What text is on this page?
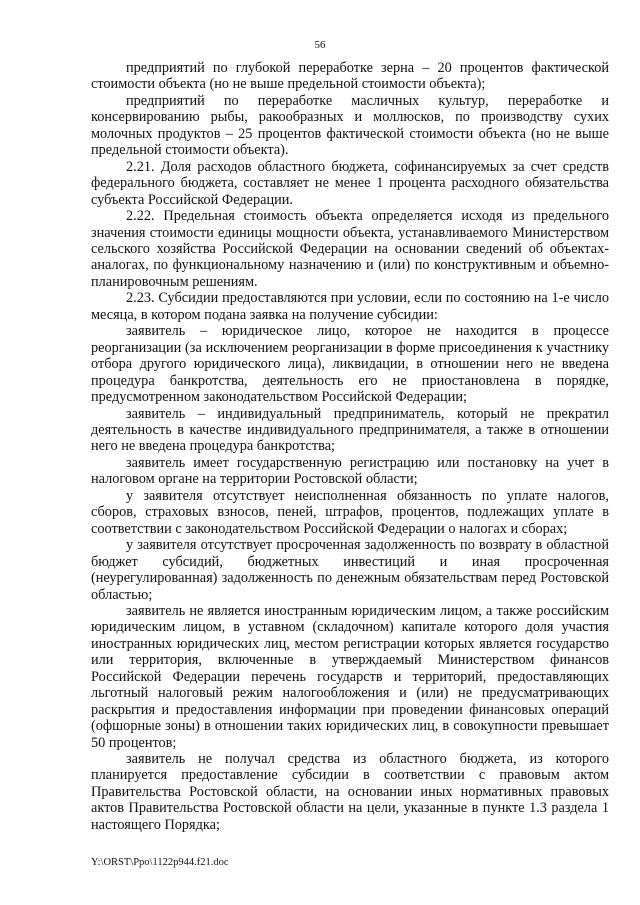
56

предприятий по глубокой переработке зерна – 20 процентов фактической стоимости объекта (но не выше предельной стоимости объекта);

предприятий по переработке масличных культур, переработке и консервированию рыбы, ракообразных и моллюсков, по производству сухих молочных продуктов – 25 процентов фактической стоимости объекта (но не выше предельной стоимости объекта).

2.21. Доля расходов областного бюджета, софинансируемых за счет средств федерального бюджета, составляет не менее 1 процента расходного обязательства субъекта Российской Федерации.

2.22. Предельная стоимость объекта определяется исходя из предельного значения стоимости единицы мощности объекта, устанавливаемого Министерством сельского хозяйства Российской Федерации на основании сведений об объектах-аналогах, по функциональному назначению и (или) по конструктивным и объемно-планировочным решениям.

2.23. Субсидии предоставляются при условии, если по состоянию на 1-е число месяца, в котором подана заявка на получение субсидии:

заявитель – юридическое лицо, которое не находится в процессе реорганизации (за исключением реорганизации в форме присоединения к участнику отбора другого юридического лица), ликвидации, в отношении него не введена процедура банкротства, деятельность его не приостановлена в порядке, предусмотренном законодательством Российской Федерации;

заявитель – индивидуальный предприниматель, который не прекратил деятельность в качестве индивидуального предпринимателя, а также в отношении него не введена процедура банкротства;

заявитель имеет государственную регистрацию или постановку на учет в налоговом органе на территории Ростовской области;

у заявителя отсутствует неисполненная обязанность по уплате налогов, сборов, страховых взносов, пеней, штрафов, процентов, подлежащих уплате в соответствии с законодательством Российской Федерации о налогах и сборах;

у заявителя отсутствует просроченная задолженность по возврату в областной бюджет субсидий, бюджетных инвестиций и иная просроченная (неурегулированная) задолженность по денежным обязательствам перед Ростовской областью;

заявитель не является иностранным юридическим лицом, а также российским юридическим лицом, в уставном (складочном) капитале которого доля участия иностранных юридических лиц, местом регистрации которых является государство или территория, включенные в утверждаемый Министерством финансов Российской Федерации перечень государств и территорий, предоставляющих льготный налоговый режим налогообложения и (или) не предусматривающих раскрытия и предоставления информации при проведении финансовых операций (офшорные зоны) в отношении таких юридических лиц, в совокупности превышает 50 процентов;

заявитель не получал средства из областного бюджета, из которого планируется предоставление субсидии в соответствии с правовым актом Правительства Ростовской области, на основании иных нормативных правовых актов Правительства Ростовской области на цели, указанные в пункте 1.3 раздела 1 настоящего Порядка;

Y:\ORST\Ppo\1122p944.f21.doc
